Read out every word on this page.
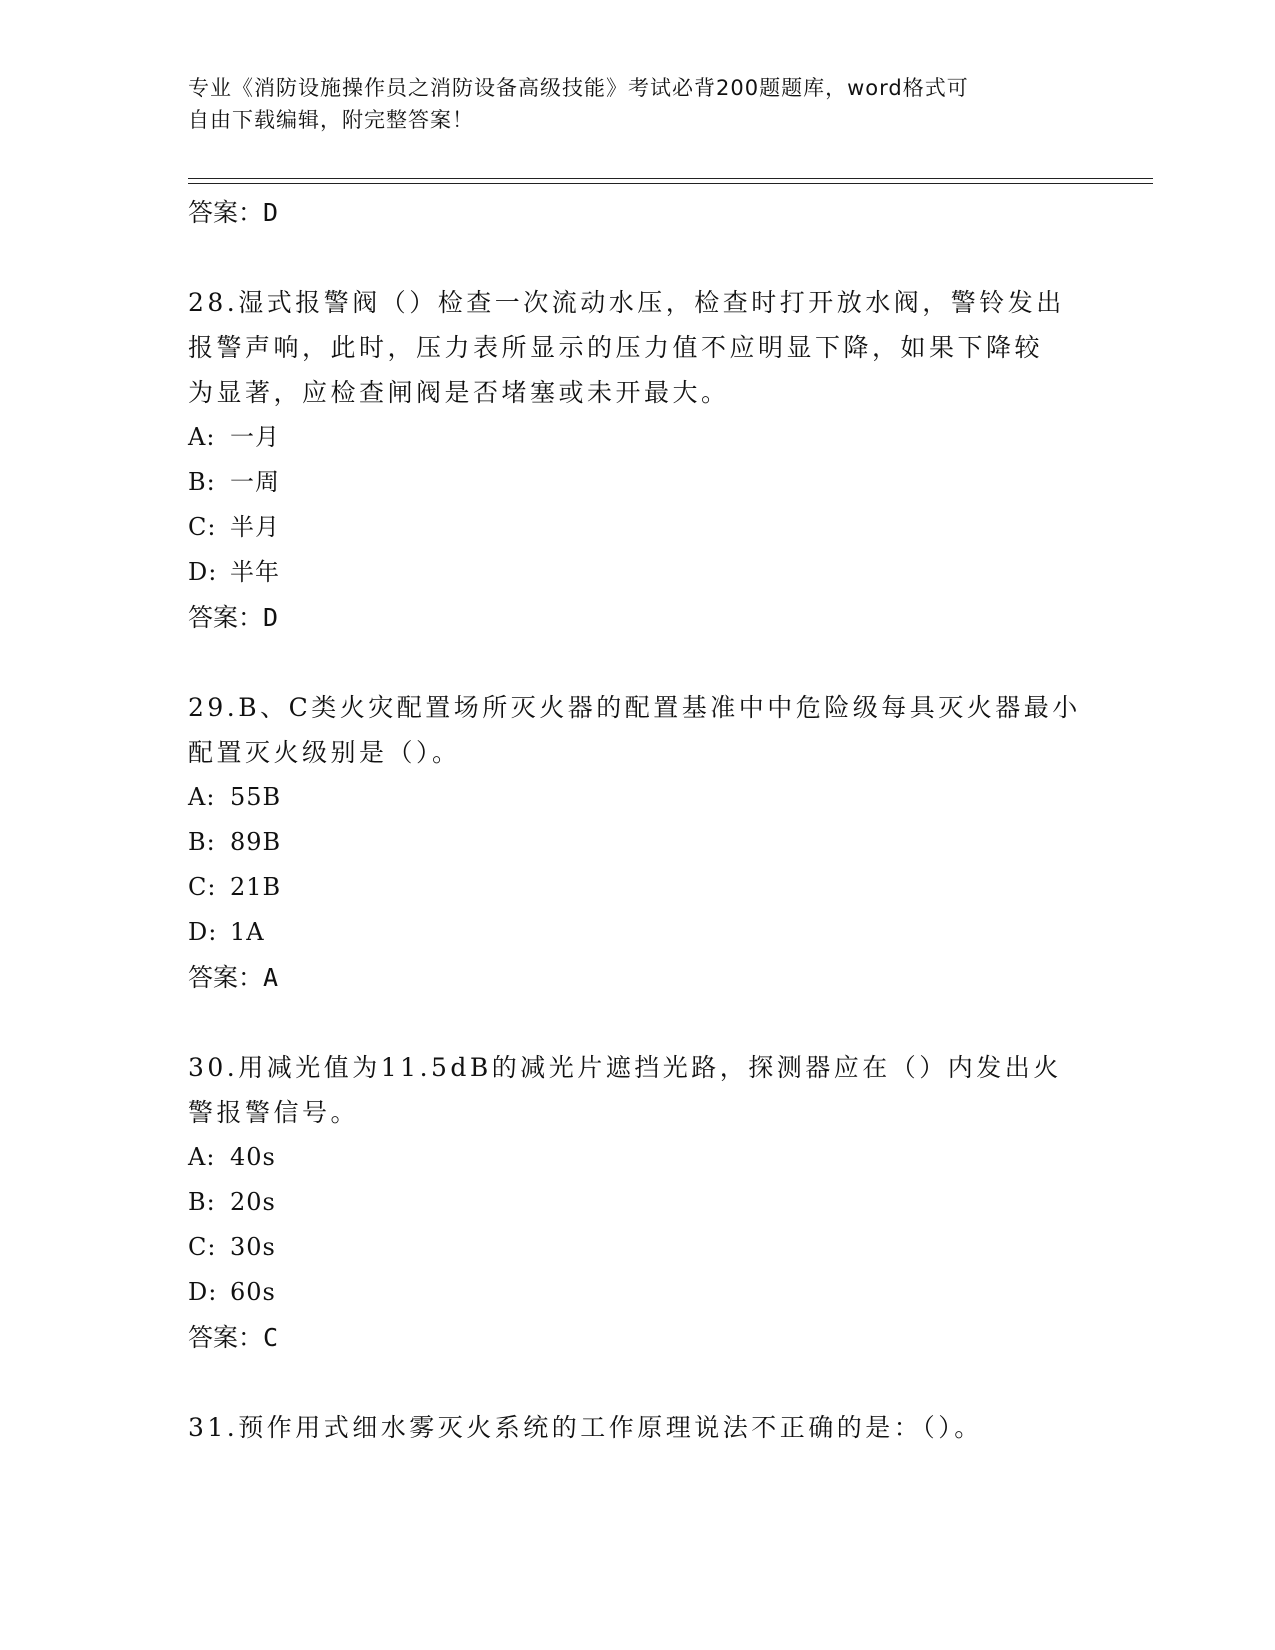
专业《消防设施操作员之消防设备高级技能》考试必背200题题库，word格式可
自由下载编辑，附完整答案！
答案：D
28.湿式报警阀（）检查一次流动水压，检查时打开放水阀，警铃发出
报警声响，此时，压力表所显示的压力值不应明显下降，如果下降较
为显著，应检查闸阀是否堵塞或未开最大。
A: 一月
B: 一周
C: 半月
D: 半年
答案：D
29.B、C类火灾配置场所灭火器的配置基准中中危险级每具灭火器最小
配置灭火级别是（）。
A: 55B
B: 89B
C: 21B
D: 1A
答案：A
30.用减光值为11.5dB的减光片遮挡光路，探测器应在（）内发出火
警报警信号。
A: 40s
B: 20s
C: 30s
D: 60s
答案：C
31.预作用式细水雾灭火系统的工作原理说法不正确的是：（）。
